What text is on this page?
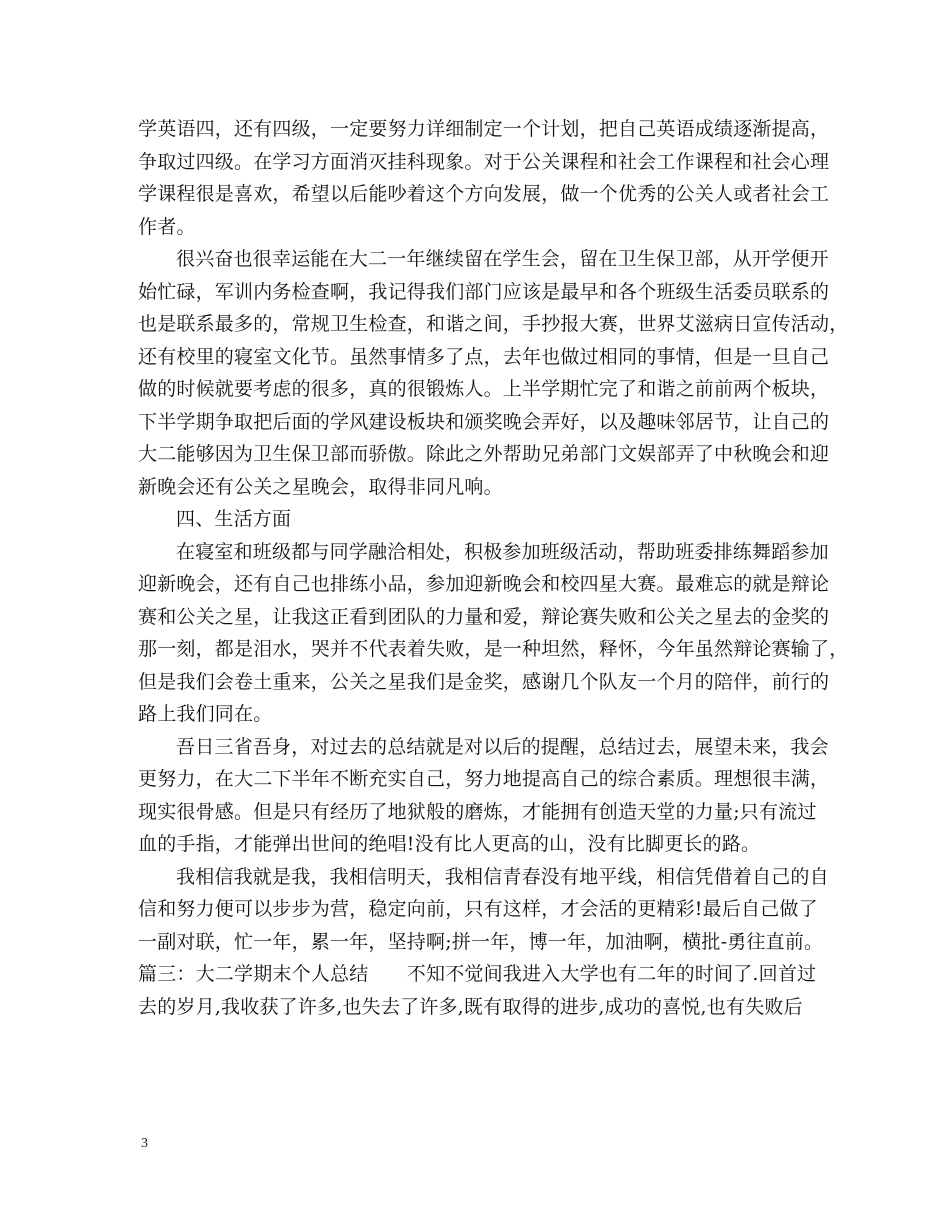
学英语四，还有四级，一定要努力详细制定一个计划，把自己英语成绩逐渐提高，
争取过四级。在学习方面消灭挂科现象。对于公关课程和社会工作课程和社会心理
学课程很是喜欢，希望以后能吵着这个方向发展，做一个优秀的公关人或者社会工
作者。
很兴奋也很幸运能在大二一年继续留在学生会，留在卫生保卫部，从开学便开
始忙碌，军训内务检查啊，我记得我们部门应该是最早和各个班级生活委员联系的
也是联系最多的，常规卫生检查，和谐之间，手抄报大赛，世界艾滋病日宣传活动，
还有校里的寝室文化节。虽然事情多了点，去年也做过相同的事情，但是一旦自己
做的时候就要考虑的很多，真的很锻炼人。上半学期忙完了和谐之前前两个板块，
下半学期争取把后面的学风建设板块和颁奖晚会弄好，以及趣味邻居节，让自己的
大二能够因为卫生保卫部而骄傲。除此之外帮助兄弟部门文娱部弄了中秋晚会和迎
新晚会还有公关之星晚会，取得非同凡响。
四、生活方面
在寝室和班级都与同学融洽相处，积极参加班级活动，帮助班委排练舞蹈参加
迎新晚会，还有自己也排练小品，参加迎新晚会和校四星大赛。最难忘的就是辩论
赛和公关之星，让我这正看到团队的力量和爱，辩论赛失败和公关之星去的金奖的
那一刻，都是泪水，哭并不代表着失败，是一种坦然，释怀，今年虽然辩论赛输了，
但是我们会卷土重来，公关之星我们是金奖，感谢几个队友一个月的陪伴，前行的
路上我们同在。
吾日三省吾身，对过去的总结就是对以后的提醒，总结过去，展望未来，我会
更努力，在大二下半年不断充实自己，努力地提高自己的综合素质。理想很丰满，
现实很骨感。但是只有经历了地狱般的磨炼，才能拥有创造天堂的力量;只有流过
血的手指，才能弹出世间的绝唱!没有比人更高的山，没有比脚更长的路。
我相信我就是我，我相信明天，我相信青春没有地平线，相信凭借着自己的自
信和努力便可以步步为营，稳定向前，只有这样，才会活的更精彩!最后自己做了
一副对联，忙一年，累一年，坚持啊;拼一年，博一年，加油啊，横批-勇往直前。
篇三：大二学期末个人总结　　不知不觉间我进入大学也有二年的时间了.回首过
去的岁月,我收获了许多,也失去了许多,既有取得的进步,成功的喜悦,也有失败后
3
